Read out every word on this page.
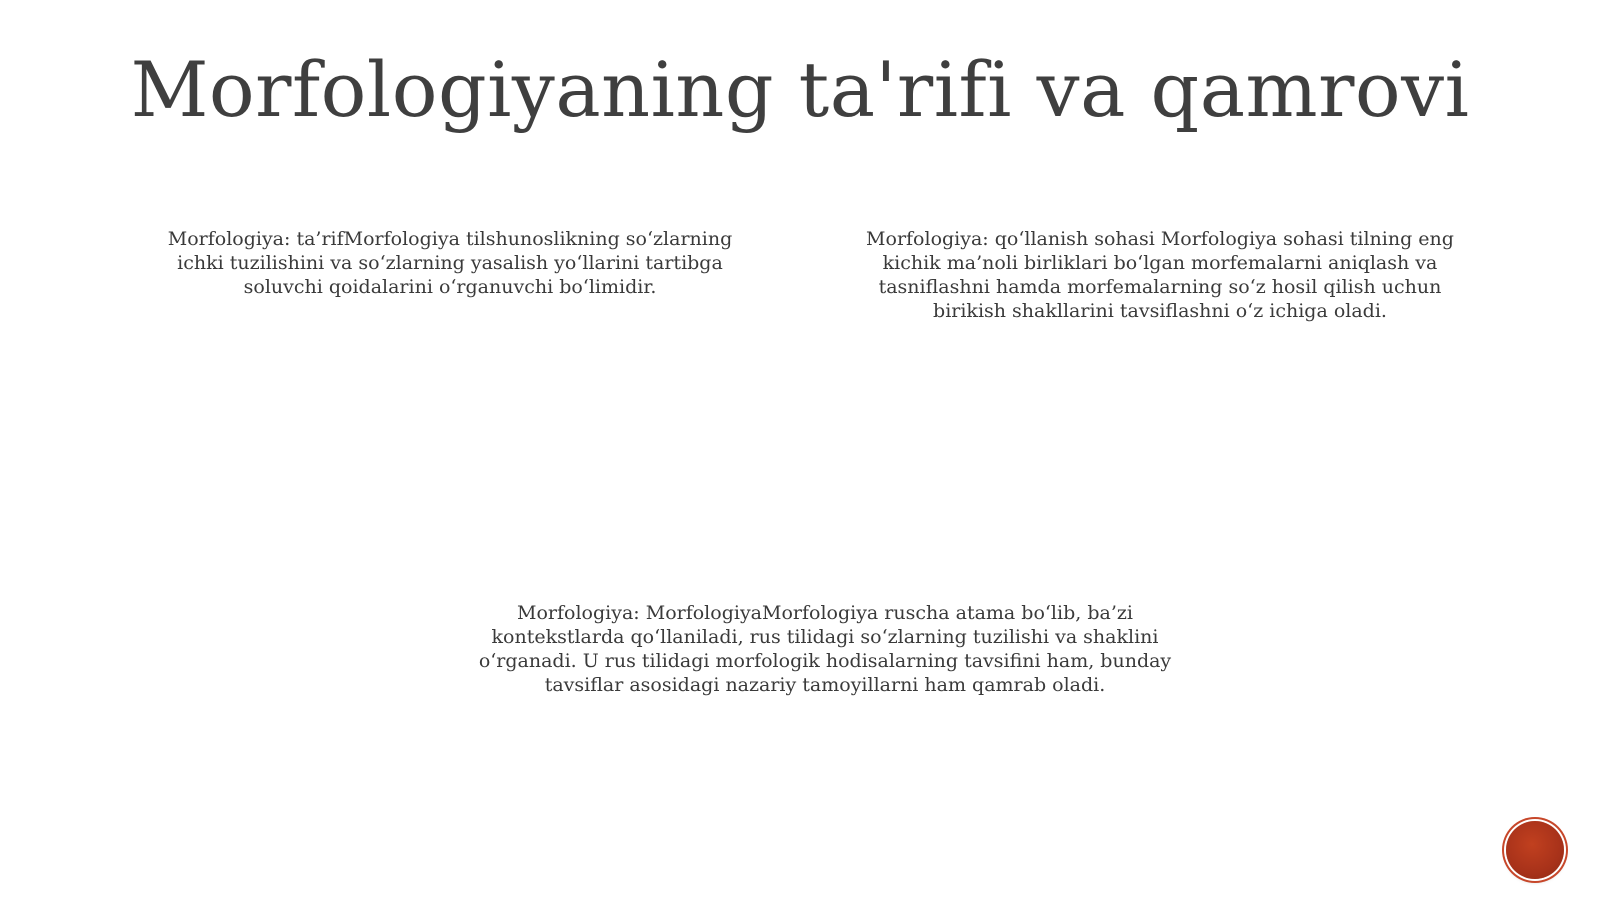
Morfologiyaning ta'rifi va qamrovi
Morfologiya: ta’rifMorfologiya tilshunoslikning so‘zlarning ichki tuzilishini va so‘zlarning yasalish yo‘llarini tartibga soluvchi qoidalarini o‘rganuvchi bo‘limidir.
Morfologiya: qo‘llanish sohasi Morfologiya sohasi tilning eng kichik ma’noli birliklari bo‘lgan morfemalarni aniqlash va tasniflashni hamda morfemalarning so‘z hosil qilish uchun birikish shakllarini tavsiflashni o‘z ichiga oladi.
Morfologiya: MorfologiyaMorfologiya ruscha atama bo‘lib, ba’zi kontekstlarda qo‘llaniladi, rus tilidagi so‘zlarning tuzilishi va shaklini o‘rganadi. U rus tilidagi morfologik hodisalarning tavsifini ham, bunday tavsiflar asosidagi nazariy tamoyillarni ham qamrab oladi.
